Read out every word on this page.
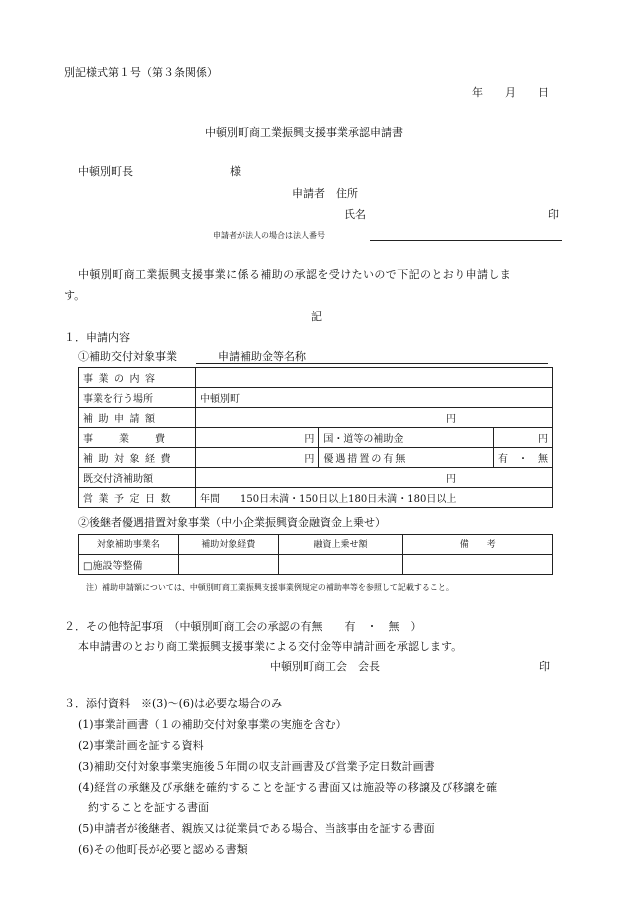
別記様式第１号（第３条関係）
年　　月　　日
中頓別町商工業振興支援事業承認申請書
中頓別町長	様
申請者　住所
氏名	印
申請者が法人の場合は法人番号
中頓別町商工業振興支援事業に係る補助の承認を受けたいので下記のとおり申請しま
す。
記
１．申請内容
①補助交付対象事業	申請補助金等名称
事業の内容			
事業を行う場所	中頓別町		
補助申請額	円		
事業費	円	国・道等の補助金	円
補助対象経費	円	優遇措置の有無	有　・　無
既交付済補助額	円		
営業予定日数	年間　　150日未満・150日以上180日未満・180日以上		
②後継者優遇措置対象事業（中小企業振興資金融資金上乗せ）
対象補助事業名	補助対象経費	融資上乗せ額	備　　考
□施設等整備			
注）補助申請額については、中頓別町商工業振興支援事業例規定の補助率等を参照して記載すること。
２．その他特記事項　（中頓別町商工会の承認の有無　　有　・　無　）
本申請書のとおり商工業振興支援事業による交付金等申請計画を承認します。
中頓別町商工会　会長	印
３．添付資料　※(3)～(6)は必要な場合のみ
(1)事業計画書（１の補助交付対象事業の実施を含む）
(2)事業計画を証する資料
(3)補助交付対象事業実施後５年間の収支計画書及び営業予定日数計画書
(4)経営の承継及び承継を確約することを証する書面又は施設等の移譲及び移譲を確
約することを証する書面
(5)申請者が後継者、親族又は従業員である場合、当該事由を証する書面
(6)その他町長が必要と認める書類
